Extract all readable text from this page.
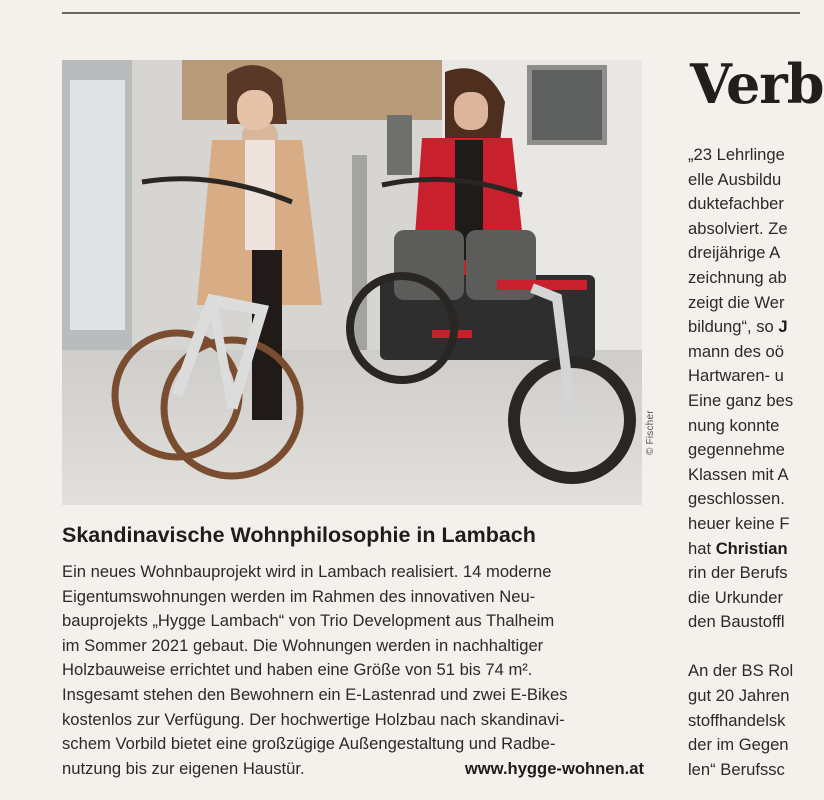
© Fischer
Skandinavische Wohnphilosophie in Lambach
Ein neues Wohnbauprojekt wird in Lambach realisiert. 14 moderne
Eigentumswohnungen werden im Rahmen des innovativen Neu-
bauprojekts „Hygge Lambach“ von Trio Development aus Thalheim
im Sommer 2021 gebaut. Die Wohnungen werden in nachhaltiger
Holzbauweise errichtet und haben eine Größe von 51 bis 74 m².
Insgesamt stehen den Bewohnern ein E-Lastenrad und zwei E-Bikes
kostenlos zur Verfügung. Der hochwertige Holzbau nach skandinavi-
schem Vorbild bietet eine großzügige Außengestaltung und Radbe-
nutzung bis zur eigenen Haustür.	www.hygge-wohnen.at
Verb
„23 Lehrlinge
elle Ausbildu
duktefachber
absolviert. Ze
dreijährige A
zeichnung ab
zeigt die Wer
bildung“, so J
mann des oö
Hartwaren- u
Eine ganz bes
nung konnte
gegennehme
Klassen mit A
geschlossen.
heuer keine F
hat Christian
rin der Berufs
die Urkunder
den Baustoffl
An der BS Rol
gut 20 Jahren
stoffhandelsk
der im Gegen
len“ Berufssc
